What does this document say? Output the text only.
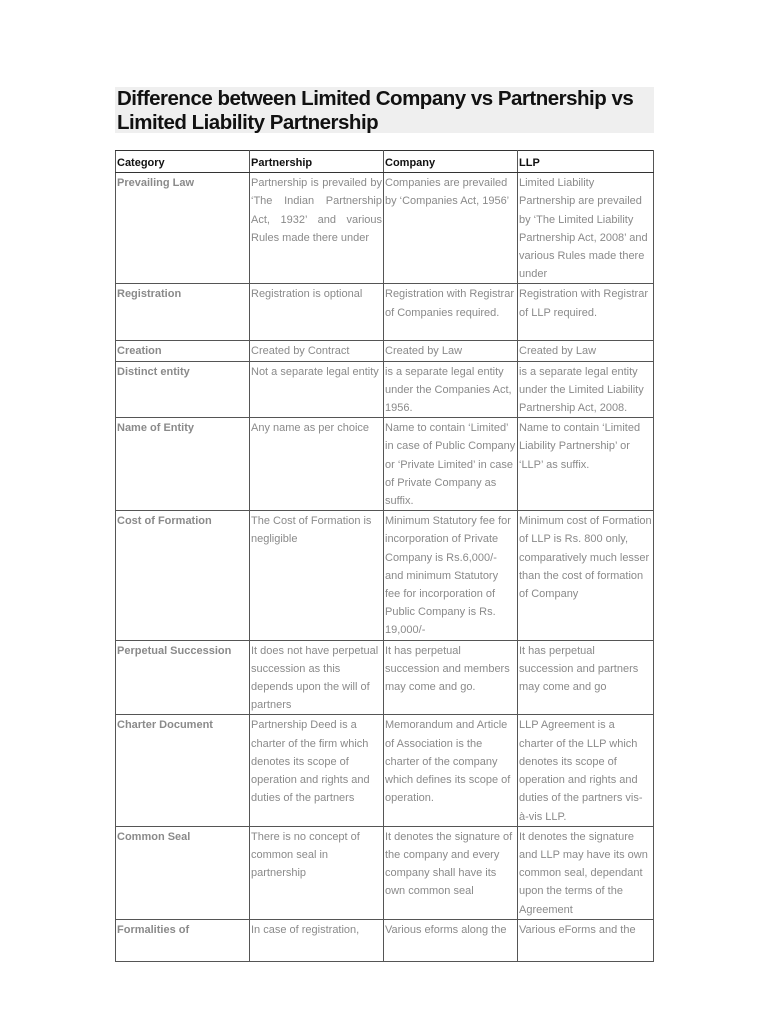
Difference between Limited Company vs Partnership vs Limited Liability Partnership
Category	Partnership	Company	LLP
Prevailing Law	Partnership is prevailed by ‘The Indian Partnership Act, 1932’ and various Rules made there under	Companies are prevailed by ‘Companies Act, 1956’	Limited Liability Partnership are prevailed by ‘The Limited Liability Partnership Act, 2008’ and various Rules made there under
Registration	Registration is optional	Registration with Registrar of Companies required.	Registration with Registrar of LLP required.
Creation	Created by Contract	Created by Law	Created by Law
Distinct entity	Not a separate legal entity	is a separate legal entity under the Companies Act, 1956.	is a separate legal entity under the Limited Liability Partnership Act, 2008.
Name of Entity	Any name as per choice	Name to contain ‘Limited’ in case of Public Company or ‘Private Limited’ in case of Private Company as suffix.	Name to contain ‘Limited Liability Partnership’ or ‘LLP’ as suffix.
Cost of Formation	The Cost of Formation is negligible	Minimum Statutory fee for incorporation of Private Company is Rs.6,000/- and minimum Statutory fee for incorporation of Public Company is Rs. 19,000/-	Minimum cost of Formation of LLP is Rs. 800 only, comparatively much lesser than the cost of formation of Company
Perpetual Succession	It does not have perpetual succession as this depends upon the will of partners	It has perpetual succession and members may come and go.	It has perpetual succession and partners may come and go
Charter Document	Partnership Deed is a charter of the firm which denotes its scope of operation and rights and duties of the partners	Memorandum and Article of Association is the charter of the company which defines its scope of operation.	LLP Agreement is a charter of the LLP which denotes its scope of operation and rights and duties of the partners vis-à-vis LLP.
Common Seal	There is no concept of common seal in partnership	It denotes the signature of the company and every company shall have its own common seal	It denotes the signature and LLP may have its own common seal, dependant upon the terms of the Agreement
Formalities of	In case of registration,	Various eforms along the	Various eForms and the
